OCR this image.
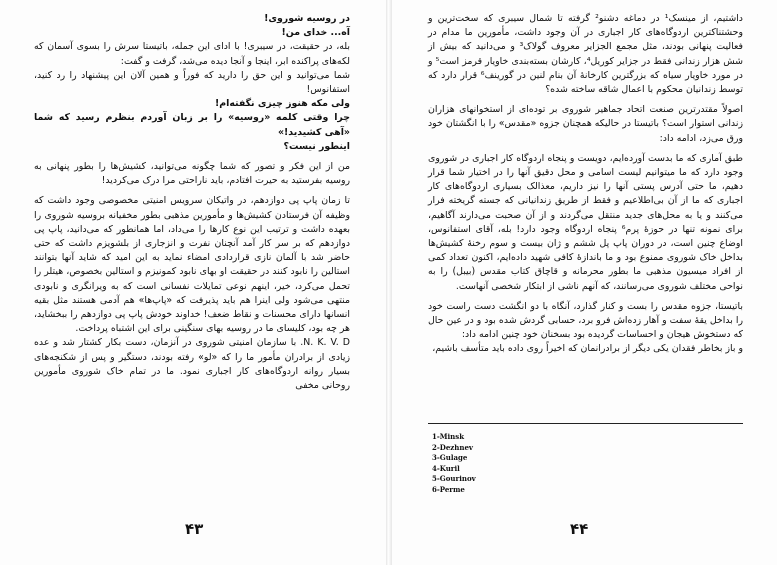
در روسیه شوروی!

آه... خدای من!

بله، در حقیقت، در سیبری! با ادای این جمله، باتیستا سرش را بسوی آسمان که لکه‌های پراکنده ابر، اینجا و آنجا دیده می‌شد، گرفت و گفت:

شما می‌توانید و این حق را دارید که فوراً و همین آلان این پیشنهاد را رد کنید، استفانوس!

ولی مکه هنوز چیزی نگفته‌ام!

چرا وقتی کلمه «روسیه» را بر زبان آوردم بنظرم رسید که شما «آهی کشیدید!»

اینطور نیست؟

من از این فکر و تصور که شما چگونه می‌توانید، کشیش‌ها را بطور پنهانی به روسیه بفرستید به حیرت افتادم، باید ناراحتی مرا درک می‌کردید!

تا زمان پاپ پی دوازدهم، در واتیکان سرویس امنیتی مخصوصی وجود داشت که وظیفه آن فرستادن کشیش‌ها و مأمورین مذهبی بطور مخفیانه بروسیه شوروی را بعهده داشت و ترتیب این نوع کارها را می‌داد، اما همانطور که می‌دانید، پاپ پی دوازدهم که بر سر کار آمد آنچنان نفرت و انزجاری از بلشویزم داشت که حتی حاضر شد با آلمان نازی قراردادی امضاء نماید به این امید که شاید آنها بتوانند استالین را نابود کنند در حقیقت او بهای نابود کمونیزم و استالین بخصوص، هیتلر را تحمل می‌کرد، خیر، اینهم نوعی تمایلات نفسانی است که به ویرانگری و نابودی منتهی می‌شود ولی اینرا هم باید پذیرفت که «پاپ‌ها» هم آدمی هستند مثل بقیه انسانها دارای محسنات و نقاط ضعف! خداوند خودش پاپ پی دوازدهم را ببخشاید، هر چه بود، کلیسای ما در روسیه بهای سنگینی برای این اشتباه پرداخت.

N. K. V. D. با سازمان امنیتی شوروی در آنزمان، دست بکار کشتار شد و عده زیادی از برادران مأمور ما را که «لو» رفته بودند، دستگیر و پس از شکنجه‌های بسیار روانه اردوگاه‌های کار اجباری نمود. ما در تمام خاک شوروی مأمورین روحانی مخفی

۴۳

داشتیم، از مینسک¹ در دماغه دشنو² گرفته تا شمال سیبری که سخت‌ترین و وحشتناکترین اردوگاه‌های کار اجباری در آن وجود داشت، مأمورین ما مدام در فعالیت پنهانی بودند، مثل مجمع الجزایر معروف گولاک³ و می‌دانید که بیش از شش هزار زندانی فقط در جزایر کوریل⁴، کارشان بسته‌بندی خاویار قرمز است⁵ و در مورد خاویار سیاه که بزرگترین کارخانهٔ آن بنام لنین در گورینف⁶ قرار دارد که توسط زندانیان محکوم با اعمال شاقه ساخته شده؟

اصولاً مقتدرترین صنعت اتحاد جماهیر شوروی بر توده‌ای از استخوانهای هزاران زندانی استوار است؟ باتیستا در حالیکه همچنان جزوه «مقدس» را با انگشتان خود ورق می‌زد، ادامه داد:

طبق آماری که ما بدست آورده‌ایم، دویست و پنجاه اردوگاه کار اجباری در شوروی وجود دارد که ما میتوانیم لیست اسامی و محل دقیق آنها را در اختیار شما قرار دهیم، ما حتی آدرس پستی آنها را نیز داریم، معذالک بسیاری اردوگاه‌های کار اجباری که ما از آن بی‌اطلاعیم و فقط از طریق زندانیانی که جسته گریخته فرار می‌کنند و یا به محل‌های جدید منتقل می‌گردند و از آن صحبت می‌دارند آگاهیم، برای نمونه تنها در حوزهٔ پرم⁶ پنجاه اردوگاه وجود دارد! بله، آقای استفانوس، اوضاع چنین است، در دوران پاپ پل ششم و ژان بیست و سوم رخنهٔ کشیش‌ها بداخل خاک شوروی ممنوع بود و ما باندازهٔ کافی شهید داده‌ایم، اکنون تعداد کمی از افراد میسیون مذهبی ما بطور محرمانه و قاچاق کتاب مقدس (بیبل) را به نواحی مختلف شوروی می‌رسانند، که آنهم ناشی از ابتکار شخصی آنهاست.

باتیستا، جزوه مقدس را بست و کنار گذارد، آنگاه با دو انگشت دست راست خود را بداخل یقهٔ سفت و آهار زده‌اش فرو برد، حسابی گردش شده بود و در عین حال که دستخوش هیجان و احساسات گردیده بود بسخنان خود چنین ادامه داد:

و باز بخاطر فقدان یکی دیگر از برادرانمان که اخیراً روی داده باید متأسف باشیم،

1-Minsk
2-Dezhnev
3-Gulage
4-Kuril
5-Gourinov
6-Perme
۴۴
